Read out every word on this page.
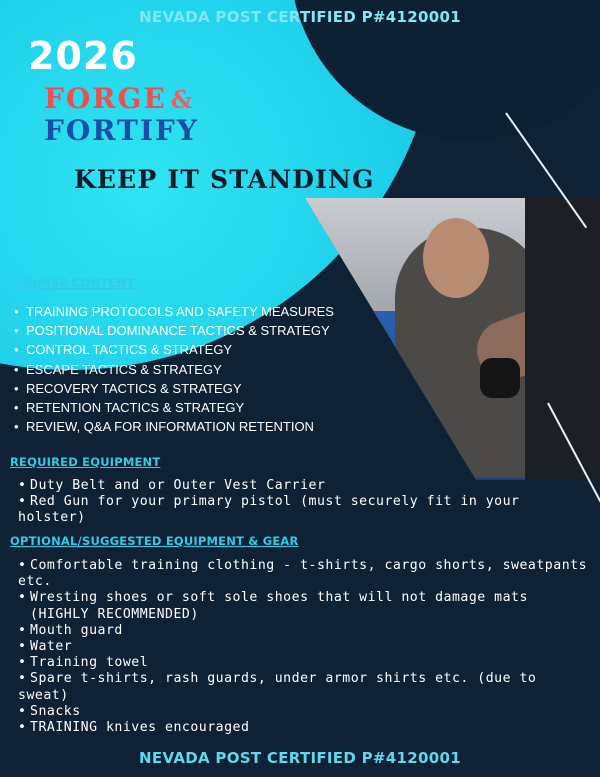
NEVADA POST CERTIFIED P#4120001
2026
FORGE &
FORTIFY
KEEP IT STANDING
COURSE CONTENT
• TRAINING PROTOCOLS AND SAFETY MEASURES
• POSITIONAL DOMINANCE TACTICS & STRATEGY
• CONTROL TACTICS & STRATEGY
• ESCAPE TACTICS & STRATEGY
• RECOVERY TACTICS & STRATEGY
• RETENTION TACTICS & STRATEGY
• REVIEW, Q&A FOR INFORMATION RETENTION
REQUIRED EQUIPMENT
• Duty Belt and or Outer Vest Carrier
• Red Gun for your primary pistol (must securely fit in your holster)
OPTIONAL/SUGGESTED EQUIPMENT & GEAR
• Comfortable training clothing - t-shirts, cargo shorts, sweatpants etc.
• Wresting shoes or soft sole shoes that will not damage mats (HIGHLY RECOMMENDED)
• Mouth guard
• Water
• Training towel
• Spare t-shirts, rash guards, under armor shirts etc. (due to sweat)
• Snacks
• TRAINING knives encouraged
NEVADA POST CERTIFIED P#4120001
